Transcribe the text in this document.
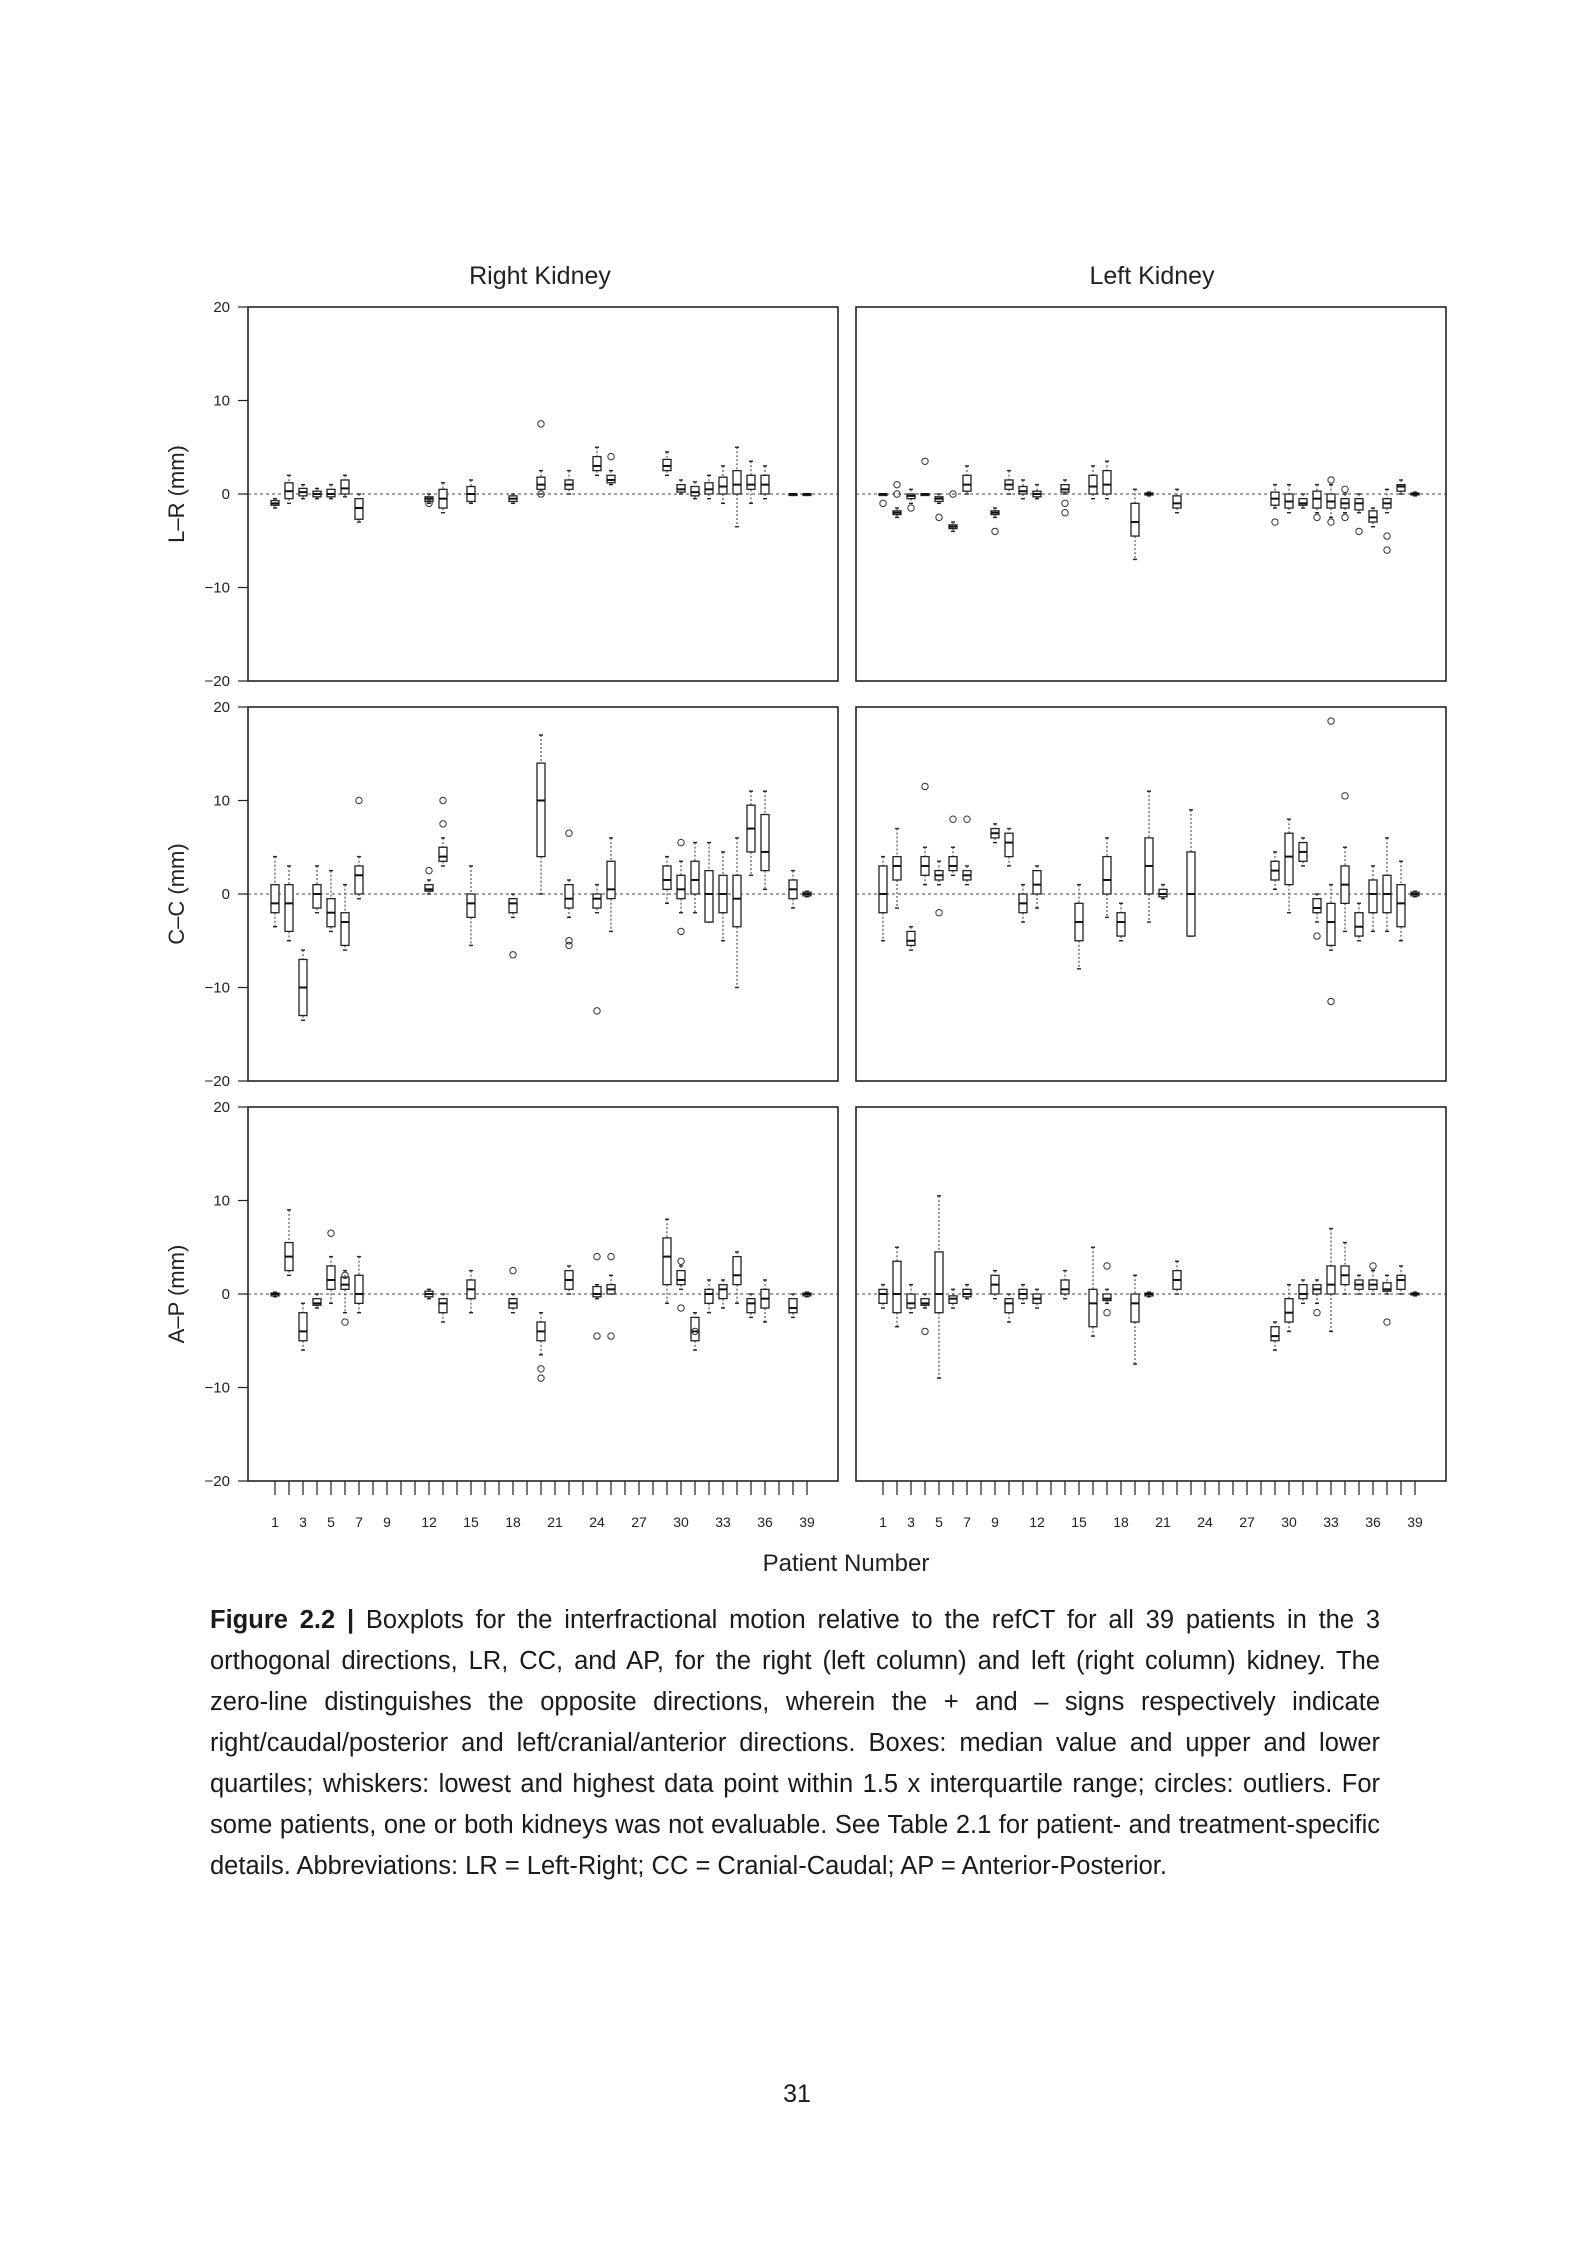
Right Kidney	Left Kidney
−20
−10
0
10
20
L–R (mm)
−20
−10
0
10
20
C–C (mm)
−20
−10
0
10
20
A–P (mm)
1 3 5 7 9 12 15 18 21 24 27 30 33 36 39	1 3 5 7 9 12 15 18 21 24 27 30 33 36 39
Patient Number

Figure 2.2 | Boxplots for the interfractional motion relative to the refCT for all 39 patients in the 3 orthogonal directions, LR, CC, and AP, for the right (left column) and left (right column) kidney. The zero-line distinguishes the opposite directions, wherein the + and – signs respectively indicate right/caudal/posterior and left/cranial/anterior directions. Boxes: median value and upper and lower quartiles; whiskers: lowest and highest data point within 1.5 x interquartile range; circles: outliers. For some patients, one or both kidneys was not evaluable. See Table 2.1 for patient- and treatment-specific details. Abbreviations: LR = Left-Right; CC = Cranial-Caudal; AP = Anterior-Posterior.

31
